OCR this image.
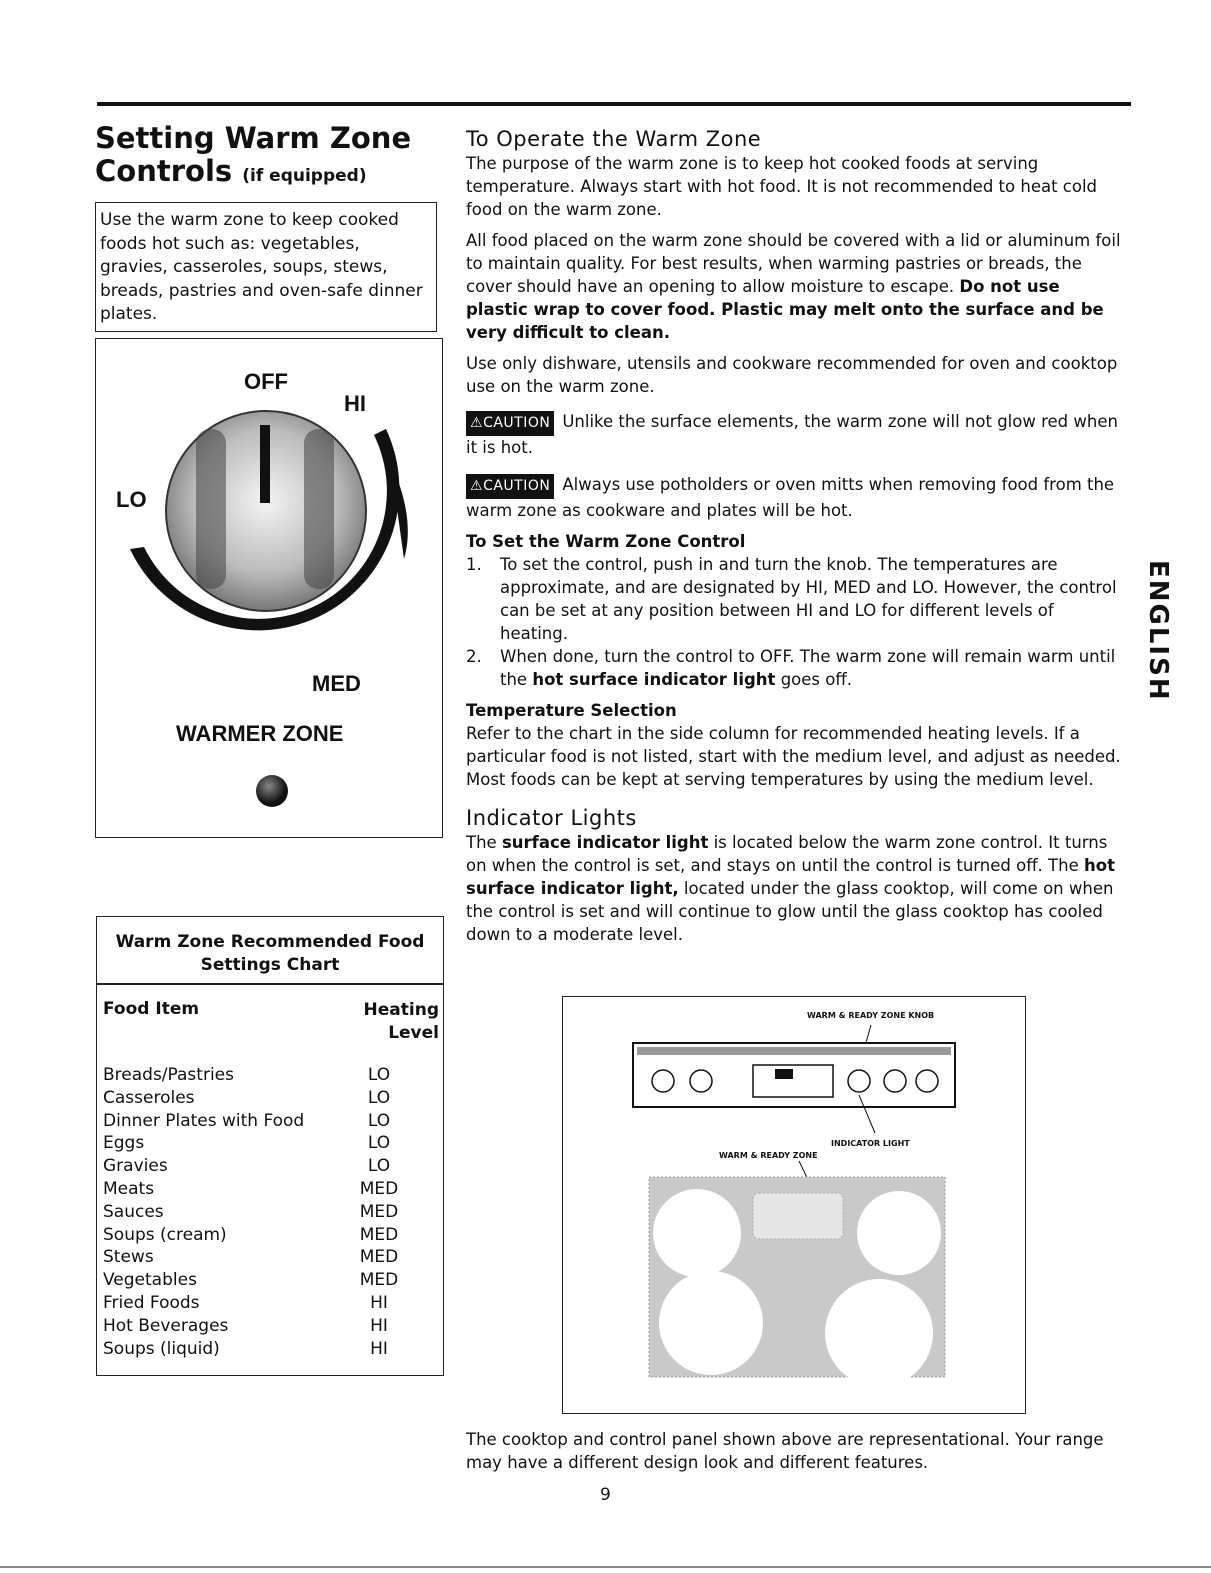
Setting Warm Zone
Controls (if equipped)
Use the warm zone to keep cooked foods hot such as: vegetables, gravies, casseroles, soups, stews, breads, pastries and oven-safe dinner plates.
OFF
HI
LO
MED
WARMER ZONE
Warm Zone Recommended Food Settings Chart
Food Item	Heating Level
Breads/Pastries	LO
Casseroles	LO
Dinner Plates with Food	LO
Eggs	LO
Gravies	LO
Meats	MED
Sauces	MED
Soups (cream)	MED
Stews	MED
Vegetables	MED
Fried Foods	HI
Hot Beverages	HI
Soups (liquid)	HI
To Operate the Warm Zone

The purpose of the warm zone is to keep hot cooked foods at serving temperature. Always start with hot food. It is not recommended to heat cold food on the warm zone.

All food placed on the warm zone should be covered with a lid or aluminum foil to maintain quality. For best results, when warming pastries or breads, the cover should have an opening to allow moisture to escape. Do not use plastic wrap to cover food. Plastic may melt onto the surface and be very difficult to clean.

Use only dishware, utensils and cookware recommended for oven and cooktop use on the warm zone.

⚠CAUTION Unlike the surface elements, the warm zone will not glow red when it is hot.

⚠CAUTION Always use potholders or oven mitts when removing food from the warm zone as cookware and plates will be hot.

To Set the Warm Zone Control
1. To set the control, push in and turn the knob. The temperatures are approximate, and are designated by HI, MED and LO. However, the control can be set at any position between HI and LO for different levels of heating.
2. When done, turn the control to OFF. The warm zone will remain warm until the hot surface indicator light goes off.
Temperature Selection

Refer to the chart in the side column for recommended heating levels. If a particular food is not listed, start with the medium level, and adjust as needed. Most foods can be kept at serving temperatures by using the medium level.

Indicator Lights

The surface indicator light is located below the warm zone control. It turns on when the control is set, and stays on until the control is turned off. The hot surface indicator light, located under the glass cooktop, will come on when the control is set and will continue to glow until the glass cooktop has cooled down to a moderate level.

ENGLISH
WARM & READY ZONE KNOB
INDICATOR LIGHT
WARM & READY ZONE
The cooktop and control panel shown above are representational. Your range may have a different design look and different features.
9
